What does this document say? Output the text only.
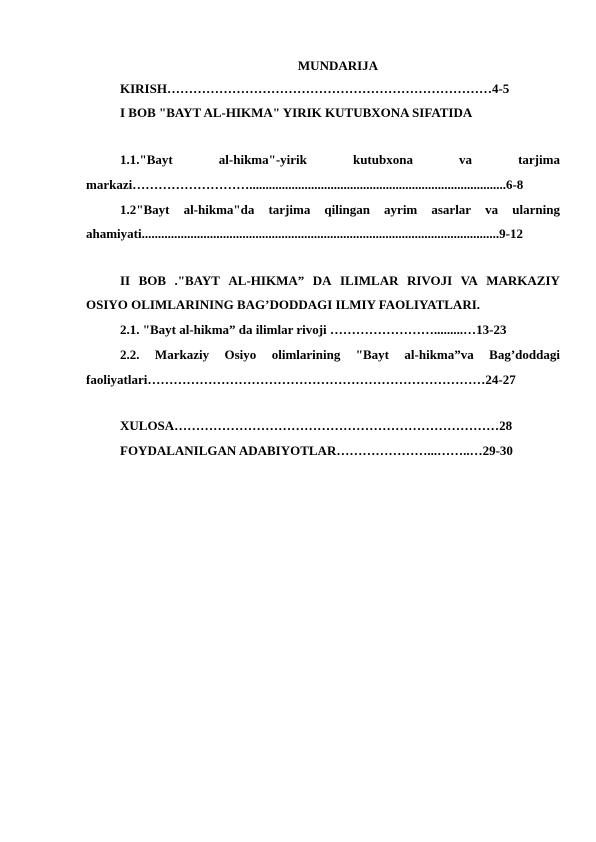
MUNDARIJA
KIRISH…………………………………………………………………4-5
I BOB "BAYT AL-HIKMA" YIRIK KUTUBXONA SIFATIDA
1.1."Bayt	al-hikma"-yirik	kutubxona	va	tarjima
markazi………………………...............................................................................6-8
1.2"Bayt al-hikma"da tarjima qilingan ayrim asarlar va ularning
ahamiyati..............................................................................................................9-12
II BOB ."BAYT AL-HIKMA” DA ILIMLAR RIVOJI VA MARKAZIY
OSIYO OLIMLARINING BAG’DODDAGI ILMIY FAOLIYATLARI.
2.1. "Bayt al-hikma” da ilimlar rivoji …………………….........…13-23
2.2. Markaziy Osiyo olimlarining "Bayt al-hikma”va Bag’doddagi
faoliyatlari……………………………………………………………………24-27
XULOSA…………………………………………………………………28
FOYDALANILGAN ADABIYOTLAR…………………...……..…29-30
